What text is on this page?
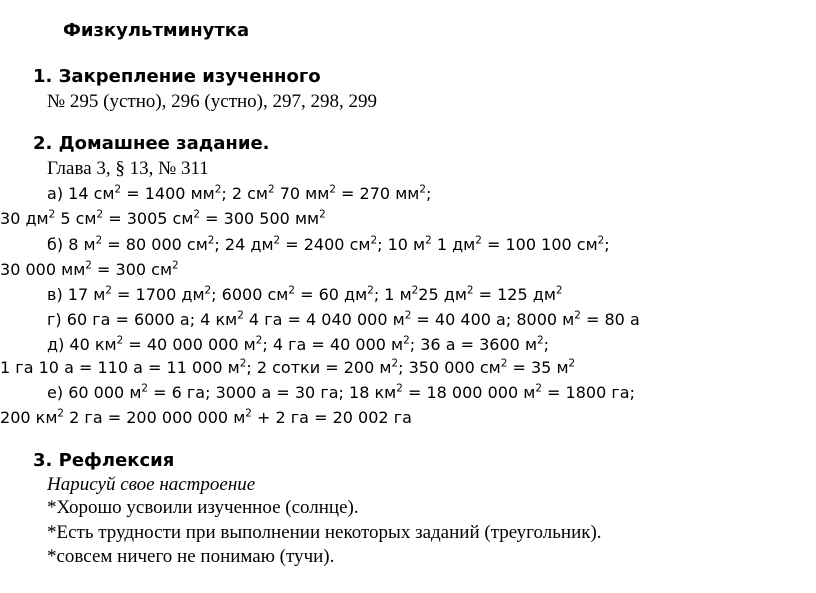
Физкультминутка
1. Закрепление изученного
№ 295 (устно), 296 (устно), 297, 298, 299
2. Домашнее задание.
Глава 3, § 13, № 311
а) 14 $см^2 = 1400$ $мм^2$; 2 $см^2$ 70 $мм^2 = 270$ $мм^2$;
30 $дм^2$ 5 $см^2 = 3005$ $см^2 = 300$ 500 $мм^2$
б) 8 $м^2 = 80$ 000 $см^2$; 24 $дм^2 = 2400$ $см^2$; 10 $м^2$ 1 $дм^2 = 100$ 100 $см^2$;
30 000 $мм^2 = 300$ $см^2$
в) 17 $м^2 = 1700$ $дм^2$; 6000 $см^2 = 60$ $дм^2$; 1 $м^225$ $дм^2 = 125$ $дм^2$
г) 60 га = 6000 а; 4 $км^2$ 4 га = 4 040 000 $м^2 = 40$ 400 а; 8000 $м^2 = 80$ а
д) 40 $км^2 = 40$ 000 000 $м^2$; 4 га = 40 000 $м^2$; 36 а = 3600 $м^2$;
1 га 10 а = 110 а = 11 000 $м^2$; 2 сотки = 200 $м^2$; 350 000 $см^2 = 35$ $м^2$
е) 60 000 $м^2 = 6$ га; 3000 а = 30 га; 18 $км^2 = 18$ 000 000 $м^2 = 1800$ га;
200 $км^2$ 2 га = 200 000 000 $м^2 + 2$ га = 20 002 га
3. Рефлексия
Нарисуй свое настроение
*Хорошо усвоили изученное (солнце).
*Есть трудности при выполнении некоторых заданий (треугольник).
*совсем ничего не понимаю (тучи).
